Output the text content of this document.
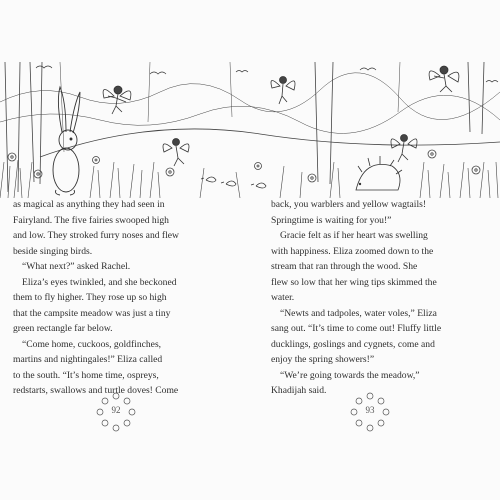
as magical as anything they had seen in
Fairyland. The five fairies swooped high
and low. They stroked furry noses and flew
beside singing birds.
“What next?” asked Rachel.
Eliza’s eyes twinkled, and she beckoned
them to fly higher. They rose up so high
that the campsite meadow was just a tiny
green rectangle far below.
“Come home, cuckoos, goldfinches,
martins and nightingales!” Eliza called
to the south. “It’s home time, ospreys,
redstarts, swallows and turtle doves! Come
back, you warblers and yellow wagtails!
Springtime is waiting for you!”
Gracie felt as if her heart was swelling
with happiness. Eliza zoomed down to the
stream that ran through the wood. She
flew so low that her wing tips skimmed the
water.
“Newts and tadpoles, water voles,” Eliza
sang out. “It’s time to come out! Fluffy little
ducklings, goslings and cygnets, come and
enjoy the spring showers!”
“We’re going towards the meadow,”
Khadijah said.
92	93
